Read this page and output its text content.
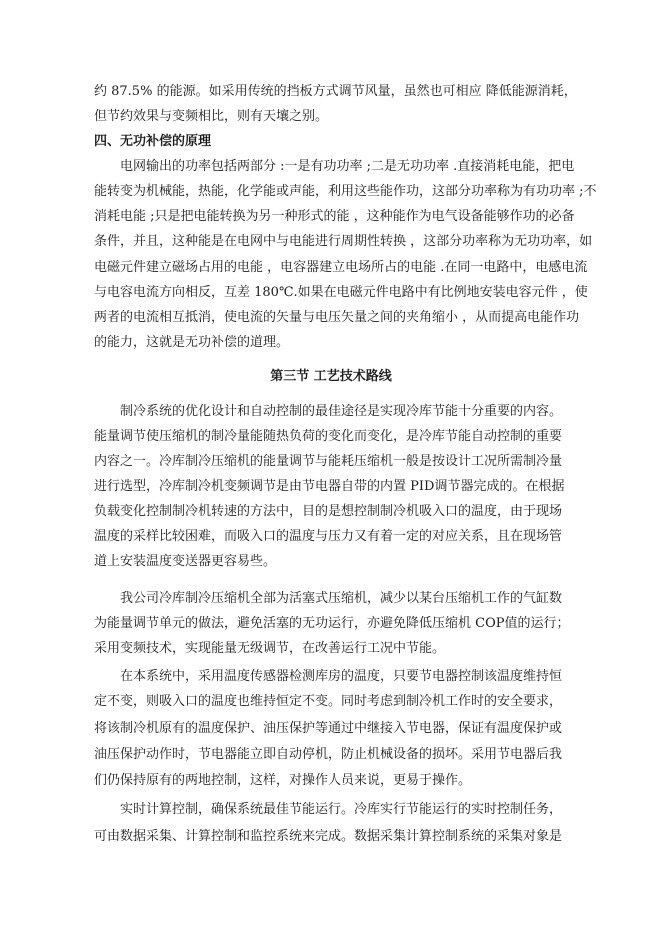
约 87.5% 的能源。如采用传统的挡板方式调节风量，虽然也可相应 降低能源消耗，
但节约效果与变频相比，则有天壤之别。
四、无功补偿的原理
电网输出的功率包括两部分 :一是有功功率 ;二是无功功率 .直接消耗电能，把电
能转变为机械能，热能，化学能或声能，利用这些能作功，这部分功率称为有功功率 ;不
消耗电能 ;只是把电能转换为另一种形式的能 ，这种能作为电气设备能够作功的必备
条件，并且，这种能是在电网中与电能进行周期性转换 ，这部分功率称为无功功率，如
电磁元件建立磁场占用的电能 ，电容器建立电场所占的电能 .在同一电路中，电感电流
与电容电流方向相反，互差 180℃.如果在电磁元件电路中有比例地安装电容元件 ，使
两者的电流相互抵消，使电流的矢量与电压矢量之间的夹角缩小 ，从而提高电能作功
的能力，这就是无功补偿的道理。
第三节 工艺技术路线
制冷系统的优化设计和自动控制的最佳途径是实现冷库节能十分重要的内容。
能量调节使压缩机的制冷量能随热负荷的变化而变化，是冷库节能自动控制的重要
内容之一。冷库制冷压缩机的能量调节与能耗压缩机一般是按设计工况所需制冷量
进行选型，冷库制冷机变频调节是由节电器自带的内置 PID调节器完成的。在根据
负载变化控制制冷机转速的方法中，目的是想控制制冷机吸入口的温度，由于现场
温度的采样比较困难，而吸入口的温度与压力又有着一定的对应关系，且在现场管
道上安装温度变送器更容易些。
我公司冷库制冷压缩机全部为活塞式压缩机，减少以某台压缩机工作的气缸数
为能量调节单元的做法，避免活塞的无功运行，亦避免降低压缩机 COP值的运行；
采用变频技术，实现能量无级调节，在改善运行工况中节能。
在本系统中，采用温度传感器检测库房的温度，只要节电器控制该温度维持恒
定不变，则吸入口的温度也维持恒定不变。同时考虑到制冷机工作时的安全要求，
将该制冷机原有的温度保护、油压保护等通过中继接入节电器，保证有温度保护或
油压保护动作时，节电器能立即自动停机，防止机械设备的损坏。采用节电器后我
们仍保持原有的两地控制，这样，对操作人员来说，更易于操作。
实时计算控制，确保系统最佳节能运行。冷库实行节能运行的实时控制任务，
可由数据采集、计算控制和监控系统来完成。数据采集计算控制系统的采集对象是
